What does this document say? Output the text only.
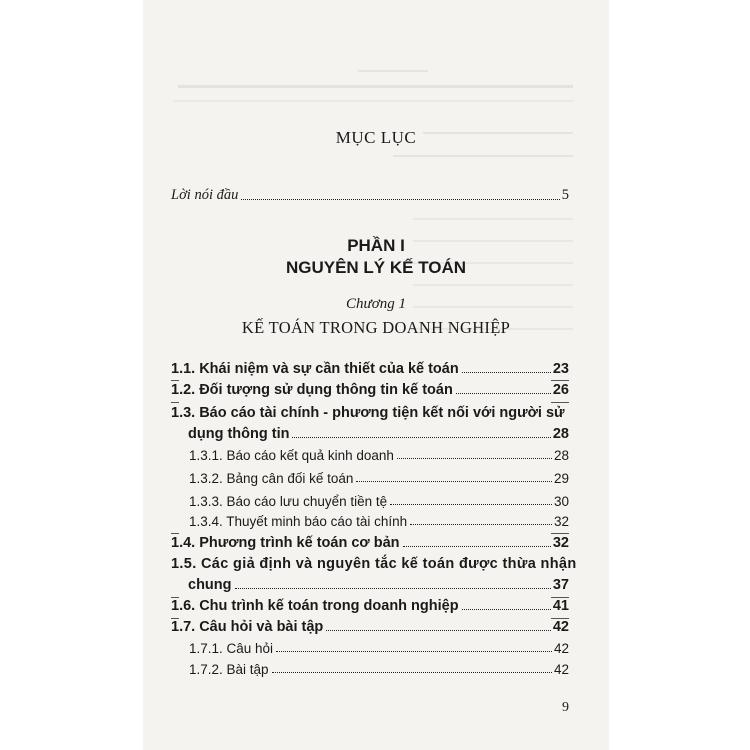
MỤC LỤC
Lời nói đầu	5
PHẦN I
NGUYÊN LÝ KẾ TOÁN
Chương 1
KẾ TOÁN TRONG DOANH NGHIỆP
1.1. Khái niệm và sự cần thiết của kế toán	23
1.2. Đối tượng sử dụng thông tin kế toán	26
1.3. Báo cáo tài chính - phương tiện kết nối với người sử
dụng thông tin	28
1.3.1. Báo cáo kết quả kinh doanh	28
1.3.2. Bảng cân đối kế toán	29
1.3.3. Báo cáo lưu chuyển tiền tệ	30
1.3.4. Thuyết minh báo cáo tài chính	32
1.4. Phương trình kế toán cơ bản	32
1.5. Các giả định và nguyên tắc kế toán được thừa nhận
chung	37
1.6. Chu trình kế toán trong doanh nghiệp	41
1.7. Câu hỏi và bài tập	42
1.7.1. Câu hỏi	42
1.7.2. Bài tập	42
9
